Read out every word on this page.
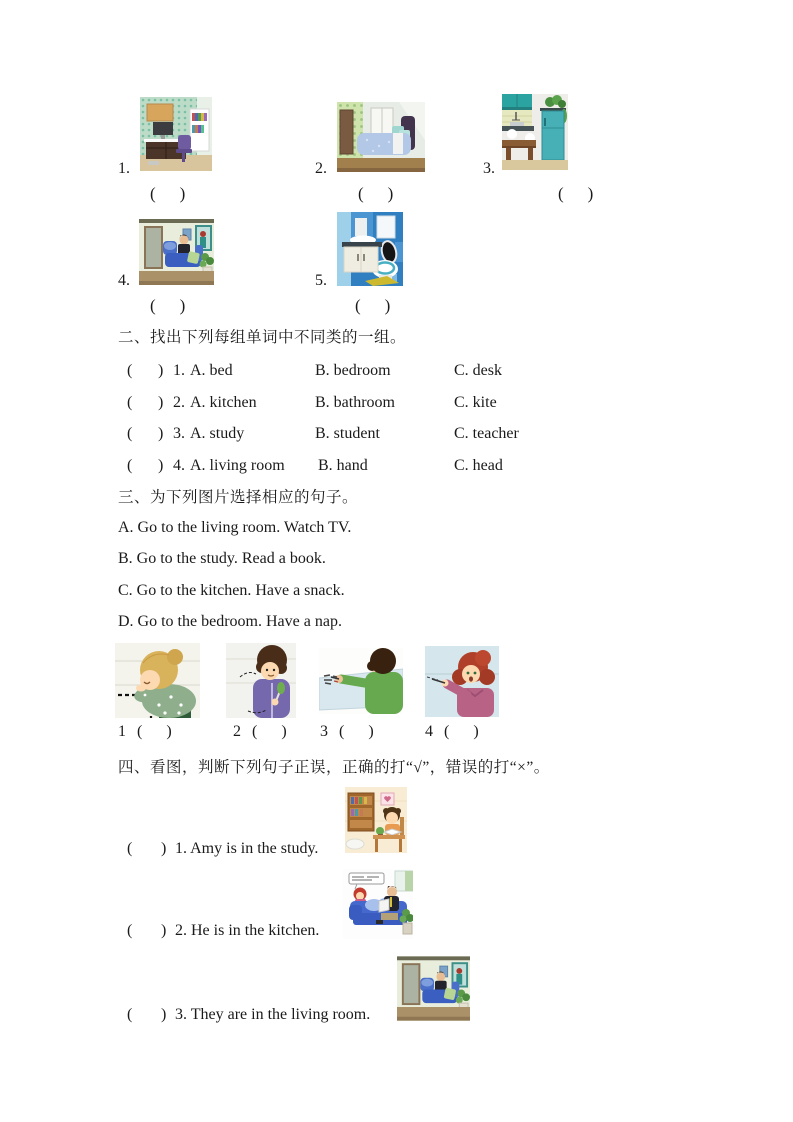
1.
( )
2.
( )
3.
( )
4.
( )
5.
( )
二、找出下列每组单词中不同类的一组。
( ) 1. A. bed	B. bedroom	C. desk
( ) 2. A. kitchen	B. bathroom	C. kite
( ) 3. A. study	B. student	C. teacher
( ) 4. A. living room B. hand	C. head
三、为下列图片选择相应的句子。
A. Go to the living room. Watch TV.
B. Go to the study. Read a book.
C. Go to the kitchen. Have a snack.
D. Go to the bedroom. Have a nap.
1 ( )	2 ( ) 3 ( )	4 ( )
四、看图，判断下列句子正误，正确的打“√”，错误的打“×”。
( ) 1. Amy is in the study.
( ) 2. He is in the kitchen.
( ) 3. They are in the living room.
